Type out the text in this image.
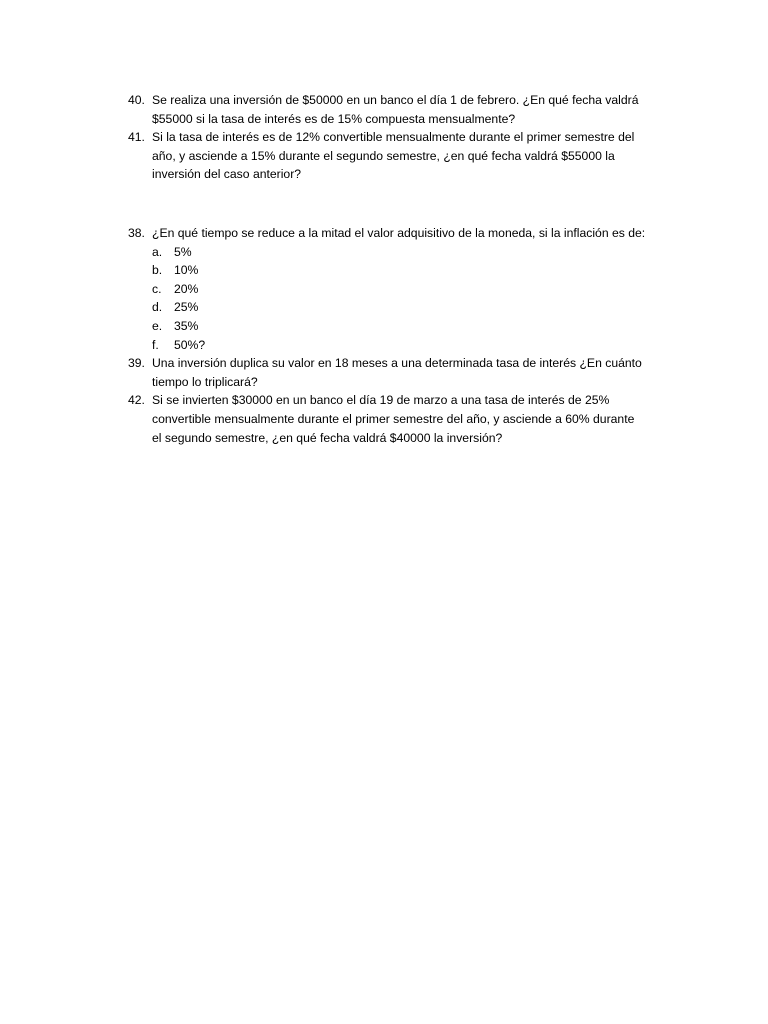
40. Se realiza una inversión de $50000 en un banco el día 1 de febrero. ¿En qué fecha valdrá
$55000 si la tasa de interés es de 15% compuesta mensualmente?
41. Si la tasa de interés es de 12% convertible mensualmente durante el primer semestre del
año, y asciende a 15% durante el segundo semestre, ¿en qué fecha valdrá $55000 la
inversión del caso anterior?
38. ¿En qué tiempo se reduce a la mitad el valor adquisitivo de la moneda, si la inflación es de:
a. 5%
b. 10%
c.	20%
d. 25%
e. 35%
f.	50%?
39. Una inversión duplica su valor en 18 meses a una determinada tasa de interés ¿En cuánto
tiempo lo triplicará?
42. Si se invierten $30000 en un banco el día 19 de marzo a una tasa de interés de 25%
convertible mensualmente durante el primer semestre del año, y asciende a 60% durante
el segundo semestre, ¿en qué fecha valdrá $40000 la inversión?
